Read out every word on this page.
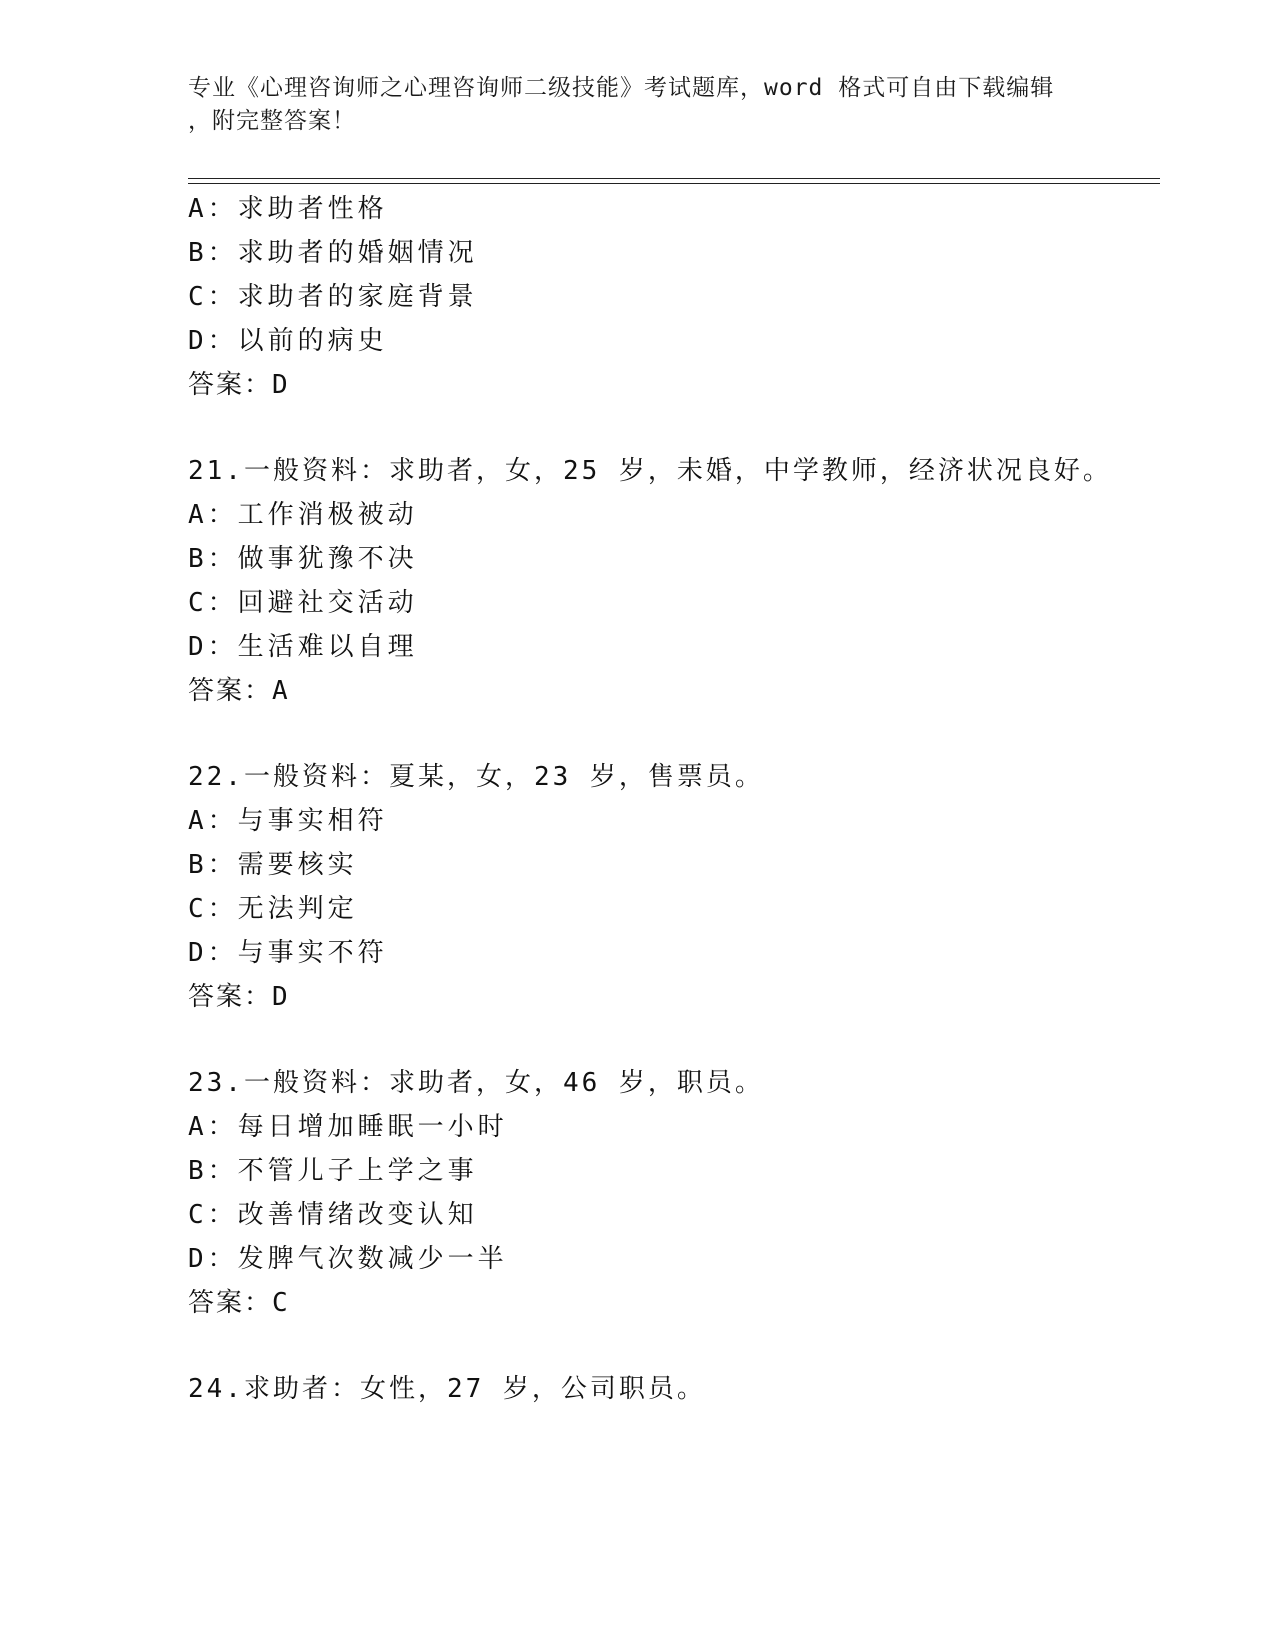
专业《心理咨询师之心理咨询师二级技能》考试题库，word 格式可自由下载编辑
，附完整答案！
A：求助者性格
B：求助者的婚姻情况
C：求助者的家庭背景
D：以前的病史
答案：D
21.一般资料：求助者，女，25 岁，未婚，中学教师，经济状况良好。
A：工作消极被动
B：做事犹豫不决
C：回避社交活动
D：生活难以自理
答案：A
22.一般资料：夏某，女，23 岁，售票员。
A：与事实相符
B：需要核实
C：无法判定
D：与事实不符
答案：D
23.一般资料：求助者，女，46 岁，职员。
A：每日增加睡眠一小时
B：不管儿子上学之事
C：改善情绪改变认知
D：发脾气次数减少一半
答案：C
24.求助者：女性，27 岁，公司职员。
